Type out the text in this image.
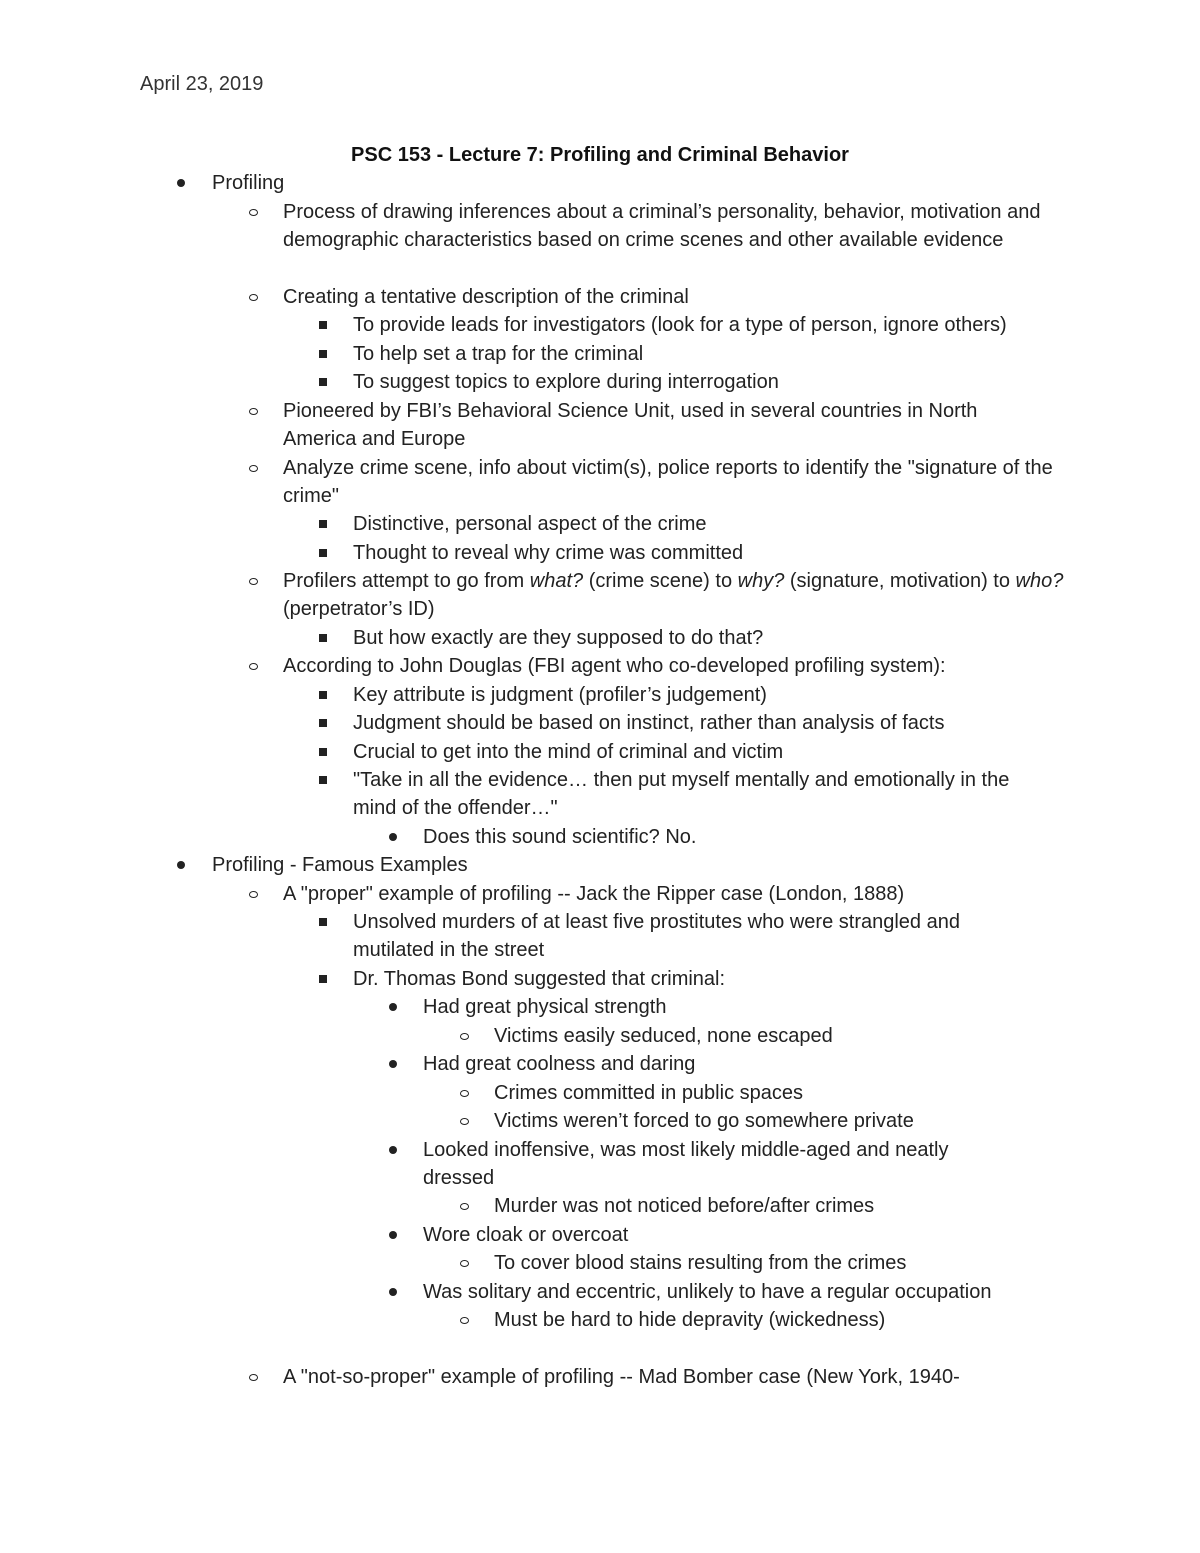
April 23, 2019
PSC 153 - Lecture 7: Profiling and Criminal Behavior
Profiling
Process of drawing inferences about a criminal’s personality, behavior, motivation and demographic characteristics based on crime scenes and other available evidence
Creating a tentative description of the criminal
To provide leads for investigators (look for a type of person, ignore others)
To help set a trap for the criminal
To suggest topics to explore during interrogation
Pioneered by FBI’s Behavioral Science Unit, used in several countries in North America and Europe
Analyze crime scene, info about victim(s), police reports to identify the "signature of the crime"
Distinctive, personal aspect of the crime
Thought to reveal why crime was committed
Profilers attempt to go from what? (crime scene) to why? (signature, motivation) to who? (perpetrator’s ID)
But how exactly are they supposed to do that?
According to John Douglas (FBI agent who co-developed profiling system):
Key attribute is judgment (profiler’s judgement)
Judgment should be based on instinct, rather than analysis of facts
Crucial to get into the mind of criminal and victim
"Take in all the evidence… then put myself mentally and emotionally in the mind of the offender…"
Does this sound scientific? No.
Profiling - Famous Examples
A "proper" example of profiling -- Jack the Ripper case (London, 1888)
Unsolved murders of at least five prostitutes who were strangled and mutilated in the street
Dr. Thomas Bond suggested that criminal:
Had great physical strength
Victims easily seduced, none escaped
Had great coolness and daring
Crimes committed in public spaces
Victims weren’t forced to go somewhere private
Looked inoffensive, was most likely middle-aged and neatly dressed
Murder was not noticed before/after crimes
Wore cloak or overcoat
To cover blood stains resulting from the crimes
Was solitary and eccentric, unlikely to have a regular occupation
Must be hard to hide depravity (wickedness)
A "not-so-proper" example of profiling -- Mad Bomber case (New York, 1940-
